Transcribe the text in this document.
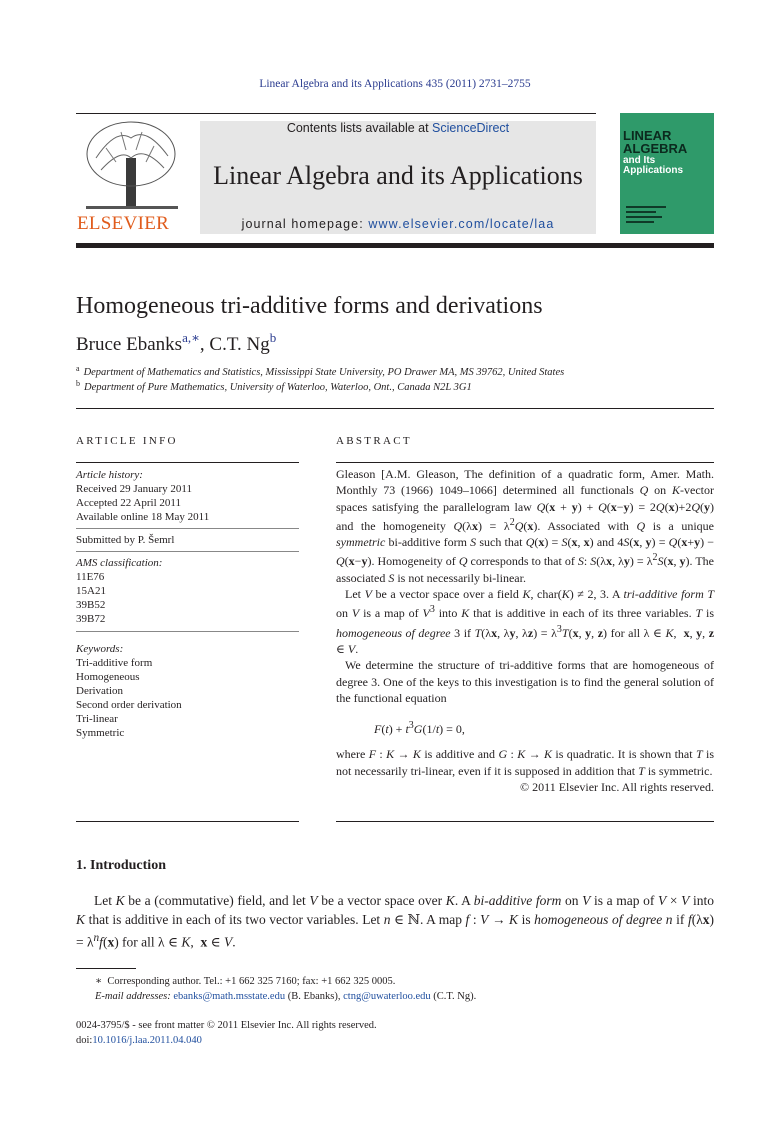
Linear Algebra and its Applications 435 (2011) 2731–2755
ELSEVIER
Contents lists available at ScienceDirect
Linear Algebra and its Applications
journal homepage: www.elsevier.com/locate/laa
LINEAR
ALGEBRA
and Its
Applications
Homogeneous tri-additive forms and derivations
Bruce Ebanks$^{a,∗}$, C.T. Ng$^b$
$^a$ Department of Mathematics and Statistics, Mississippi State University, PO Drawer MA, MS 39762, United States
$^b$ Department of Pure Mathematics, University of Waterloo, Waterloo, Ont., Canada N2L 3G1
ARTICLE INFO
Article history:
Received 29 January 2011
Accepted 22 April 2011
Available online 18 May 2011
Submitted by P. Šemrl
AMS classification:
11E76
15A21
39B52
39B72
Keywords:
Tri-additive form
Homogeneous
Derivation
Second order derivation
Tri-linear
Symmetric
ABSTRACT

Gleason [A.M. Gleason, The definition of a quadratic form, Amer. Math. Monthly 73 (1966) 1049–1066] determined all functionals Q on K-vector spaces satisfying the parallelogram law Q(x + y) + Q(x−y) = 2Q(x)+2Q(y) and the homogeneity $Q(\lambda x) = \lambda^2Q(x)$. Associated with Q is a unique symmetric bi-additive form S such that Q(x) = S(x, x) and 4S(x, y) = Q(x+y) − Q(x−y). Homogeneity of Q corresponds to that of S: S(λx, $\lambda y) = \lambda^2S(x$, y). The associated S is not necessarily bi-linear.

Let V be a vector space over a field K, char(K) ≠ 2, 3. A tri-additive form T on V is a map of $V^3$ into K that is additive in each of its three variables. T is homogeneous of degree 3 if T(λx, λy, $\lambda z) = \lambda^3T(x$, y, z) for all λ ∈ K,  x, y, z ∈ V.

We determine the structure of tri-additive forms that are homogeneous of degree 3. One of the keys to this investigation is to find the general solution of the functional equation

$F(t) + t^3G(1/t) = 0$,

where F : K → K is additive and G : K → K is quadratic. It is shown that T is not necessarily tri-linear, even if it is supposed in addition that T is symmetric.

© 2011 Elsevier Inc. All rights reserved.

1. Introduction

Let K be a (commutative) field, and let V be a vector space over K. A bi-additive form on V is a map of V × V into K that is additive in each of its two vector variables. Let n ∈ ℕ. A map f : V → K is homogeneous of degree n if $f(\lambda x) = \lambda^nf(x)$ for all λ ∈ K,  x ∈ V.

∗ Corresponding author. Tel.: +1 662 325 7160; fax: +1 662 325 0005.
E-mail addresses: ebanks@math.msstate.edu (B. Ebanks), ctng@uwaterloo.edu (C.T. Ng).
0024-3795/$ - see front matter © 2011 Elsevier Inc. All rights reserved.
doi:10.1016/j.laa.2011.04.040
